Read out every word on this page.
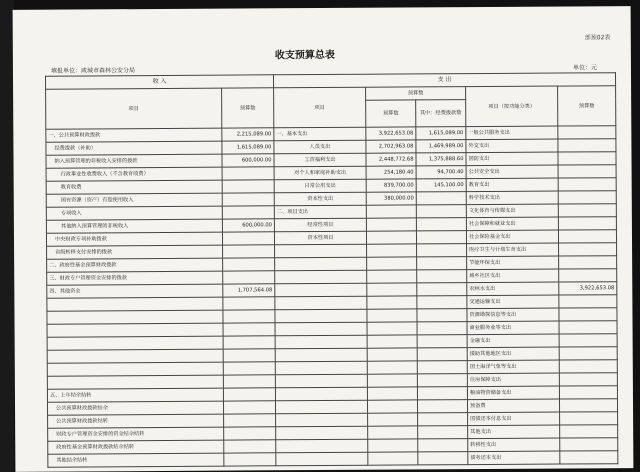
部预02表
收支预算总表
填报单位：咸城市森林公安分局	单位：元
收 入		支 出				
项目	预算数	项目	预算数		项目（按功能分类）	预算数
			预算数	其中：经费拨款数		
一、公共预算财政拨款	2,215,089.00	一、基本支出	3,922,653.08	1,615,089.00	一般公共服务支出	
经费拨款（补助）	1,615,089.00	人员支出	2,702,963.08	1,469,989.00	外交支出	
纳入预算管理的非税收入安排的拨款	600,000.00	工资福利支出	2,448,772.68	1,375,888.60	国防支出	
行政事业性收费收入（不含教育收费）		对个人和家庭补助支出	254,180.40	94,700.40	公共安全支出	
教育收费		日常公用支出	839,700.00	145,100.00	教育支出	
国有资源（资产）有偿使用收入		资本性支出	380,000.00		科学技术支出	
专项收入		二、项目支出			文化体育与传媒支出	
其他纳入预算管理的非税收入	600,000.00	经常性项目			社会保障和就业支出	
中央财政专项补助拨款		资本性项目			社会保险基金支出	
省级转移支付安排的拨款					医疗卫生与计划生育支出	
二、政府性基金预算财政拨款					节能环保支出	
三、财政专户管理资金安排的拨款					城乡社区支出	
四、其他资金	1,707,564.08				农林水支出	3,922,653.08
					交通运输支出	
					资源勘探信息等支出	
					商业服务业等支出	
					金融支出	
					援助其他地区支出	
					国土海洋气象等支出	
					住房保障支出	
五、上年结余结转					粮油物资储备支出	
公共预算财政拨款结余					预备费	
公共预算财政拨款结转					国债还本付息支出	
财政专户管理资金安排的资金结余结转					其他支出	
政府性基金预算财政拨款结余结转					转移性支出	
其他结余结转					债务还本支出	
